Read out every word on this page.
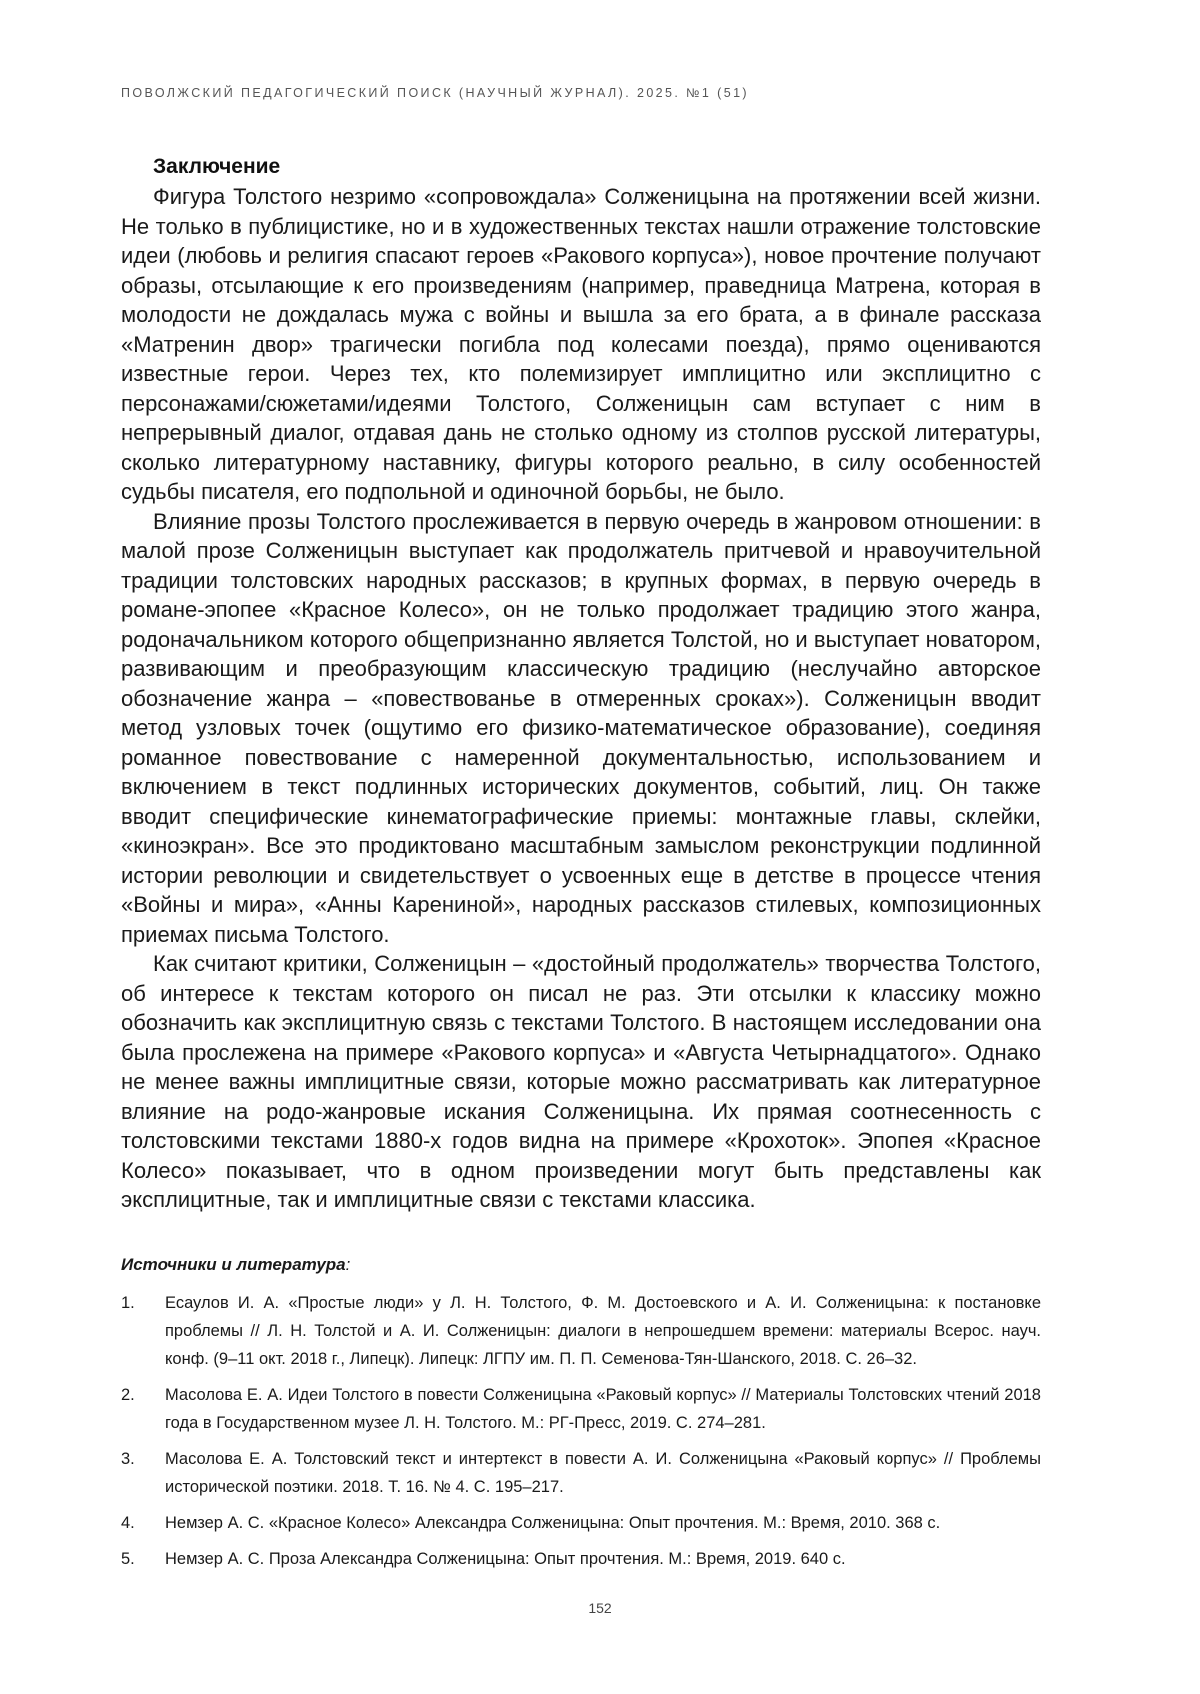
ПОВОЛЖСКИЙ ПЕДАГОГИЧЕСКИЙ ПОИСК (НАУЧНЫЙ ЖУРНАЛ). 2025. №1 (51)
Заключение

Фигура Толстого незримо «сопровождала» Солженицына на протяжении всей жизни. Не только в публицистике, но и в художественных текстах нашли отражение толстовские идеи (любовь и религия спасают героев «Ракового корпуса»), новое прочтение получают образы, отсылающие к его произведениям (например, праведница Матрена, которая в молодости не дождалась мужа с войны и вышла за его брата, а в финале рассказа «Матренин двор» трагически погибла под колесами поезда), прямо оцениваются известные герои. Через тех, кто полемизирует имплицитно или эксплицитно с персонажами/сюжетами/идеями Толстого, Солженицын сам вступает с ним в непрерывный диалог, отдавая дань не столько одному из столпов русской литературы, сколько литературному наставнику, фигуры которого реально, в силу особенностей судьбы писателя, его подпольной и одиночной борьбы, не было.

Влияние прозы Толстого прослеживается в первую очередь в жанровом отношении: в малой прозе Солженицын выступает как продолжатель притчевой и нравоучительной традиции толстовских народных рассказов; в крупных формах, в первую очередь в романе-эпопее «Красное Колесо», он не только продолжает традицию этого жанра, родоначальником которого общепризнанно является Толстой, но и выступает новатором, развивающим и преобразующим классическую традицию (неслучайно авторское обозначение жанра – «повествованье в отмеренных сроках»). Солженицын вводит метод узловых точек (ощутимо его физико-математическое образование), соединяя романное повествование с намеренной документальностью, использованием и включением в текст подлинных исторических документов, событий, лиц. Он также вводит специфические кинематографические приемы: монтажные главы, склейки, «киноэкран». Все это продиктовано масштабным замыслом реконструкции подлинной истории революции и свидетельствует о усвоенных еще в детстве в процессе чтения «Войны и мира», «Анны Карениной», народных рассказов стилевых, композиционных приемах письма Толстого.

Как считают критики, Солженицын – «достойный продолжатель» творчества Толстого, об интересе к текстам которого он писал не раз. Эти отсылки к классику можно обозначить как эксплицитную связь с текстами Толстого. В настоящем исследовании она была прослежена на примере «Ракового корпуса» и «Августа Четырнадцатого». Однако не менее важны имплицитные связи, которые можно рассматривать как литературное влияние на родо-жанровые искания Солженицына. Их прямая соотнесенность с толстовскими текстами 1880-х годов видна на примере «Крохоток». Эпопея «Красное Колесо» показывает, что в одном произведении могут быть представлены как эксплицитные, так и имплицитные связи с текстами классика.

Источники и литература:
1.	Есаулов И. А. «Простые люди» у Л. Н. Толстого, Ф. М. Достоевского и А. И. Солженицына: к постановке проблемы // Л. Н. Толстой и А. И. Солженицын: диалоги в непрошедшем времени: материалы Всерос. науч. конф. (9–11 окт. 2018 г., Липецк). Липецк: ЛГПУ им. П. П. Семенова-Тян-Шанского, 2018. С. 26–32.
2.	Масолова Е. А. Идеи Толстого в повести Солженицына «Раковый корпус» // Материалы Толстовских чтений 2018 года в Государственном музее Л. Н. Толстого. М.: РГ-Пресс, 2019. С. 274–281.
3.	Масолова Е. А. Толстовский текст и интертекст в повести А. И. Солженицына «Раковый корпус» // Проблемы исторической поэтики. 2018. Т. 16. № 4. С. 195–217.
4.	Немзер А. С. «Красное Колесо» Александра Солженицына: Опыт прочтения. М.: Время, 2010. 368 с.
5.	Немзер А. С. Проза Александра Солженицына: Опыт прочтения. М.: Время, 2019. 640 с.
152
